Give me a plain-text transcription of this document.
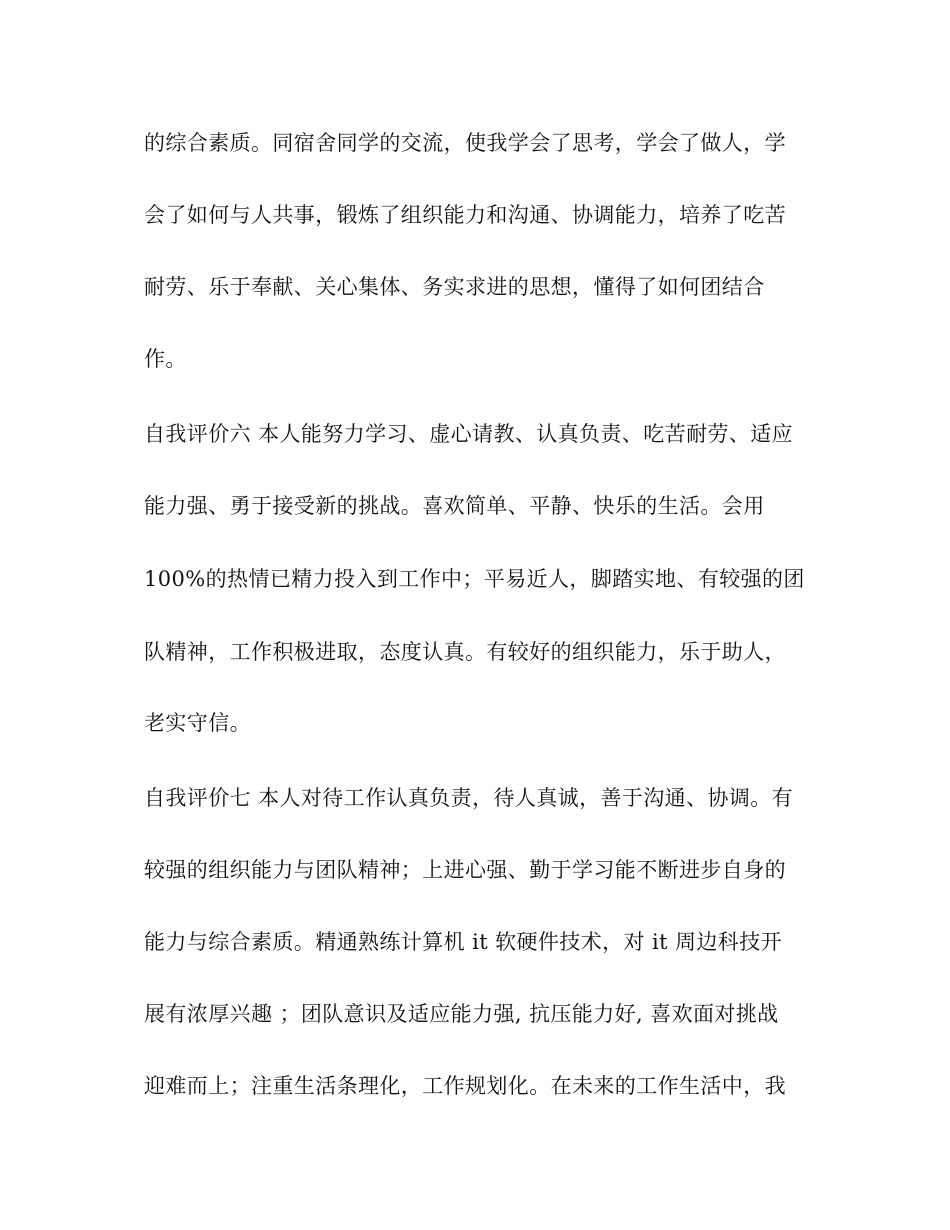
的综合素质。同宿舍同学的交流，使我学会了思考，学会了做人，学
会了如何与人共事，锻炼了组织能力和沟通、协调能力，培养了吃苦
耐劳、乐于奉献、关心集体、务实求进的思想，懂得了如何团结合
作。
自我评价六 本人能努力学习、虚心请教、认真负责、吃苦耐劳、适应
能力强、勇于接受新的挑战。喜欢简单、平静、快乐的生活。会用
100%的热情已精力投入到工作中；平易近人，脚踏实地、有较强的团
队精神，工作积极进取，态度认真。有较好的组织能力，乐于助人，
老实守信。
自我评价七 本人对待工作认真负责，待人真诚，善于沟通、协调。有
较强的组织能力与团队精神；上进心强、勤于学习能不断进步自身的
能力与综合素质。精通熟练计算机 it 软硬件技术，对 it 周边科技开
展有浓厚兴趣 ；团队意识及适应能力强, 抗压能力好, 喜欢面对挑战
迎难而上；注重生活条理化，工作规划化。在未来的工作生活中，我
